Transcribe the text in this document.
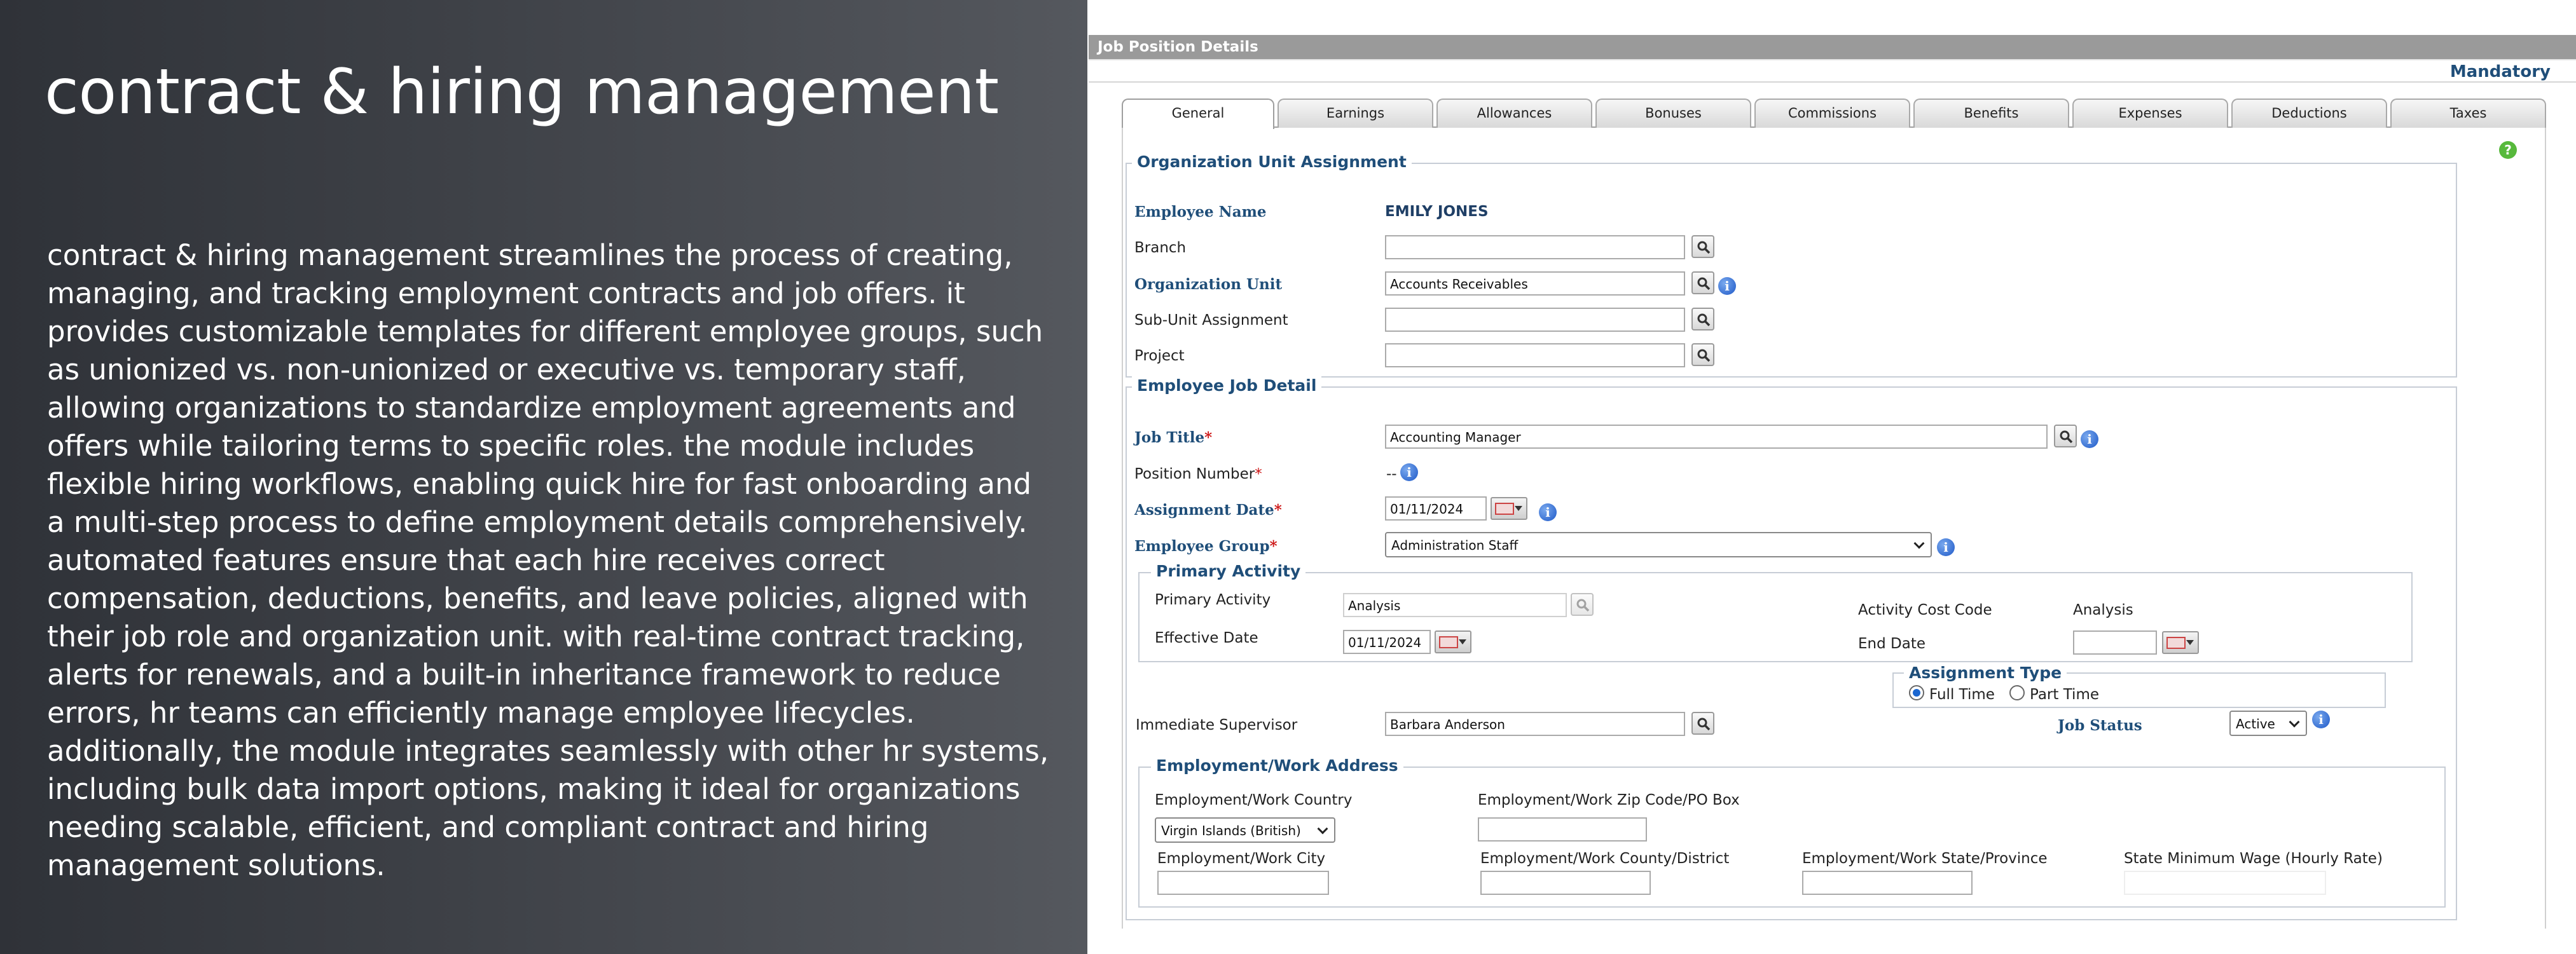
contract & hiring management
contract & hiring management streamlines the process of creating,
managing, and tracking employment contracts and job offers. it
provides customizable templates for different employee groups, such
as unionized vs. non-unionized or executive vs. temporary staff,
allowing organizations to standardize employment agreements and
offers while tailoring terms to specific roles. the module includes
flexible hiring workflows, enabling quick hire for fast onboarding and
a multi-step process to define employment details comprehensively.
automated features ensure that each hire receives correct
compensation, deductions, benefits, and leave policies, aligned with
their job role and organization unit. with real-time contract tracking,
alerts for renewals, and a built-in inheritance framework to reduce
errors, hr teams can efficiently manage employee lifecycles.
additionally, the module integrates seamlessly with other hr systems,
including bulk data import options, making it ideal for organizations
needing scalable, efficient, and compliant contract and hiring
management solutions.
Job Position Details
Mandatory
General	Earnings	Allowances	Bonuses	Commissions	Benefits	Expenses	Deductions	Taxes
?
Organization Unit Assignment
Employee Name	EMILY JONES
Branch
Organization Unit	Accounts Receivables	i
Sub-Unit Assignment
Project
Employee Job Detail
Job Title*	Accounting Manager	i
Position Number*	-- i
Assignment Date*	01/11/2024	i
Employee Group*	Administration Staff	i
Primary Activity
Primary Activity	Analysis	Activity Cost Code	Analysis
Effective Date	01/11/2024	End Date
Assignment Type
Full Time Part Time
Immediate Supervisor	Barbara Anderson	Job Status	Active	i
Employment/Work Address
Employment/Work Country
Virgin Islands (British)
Employment/Work Zip Code/PO Box
Employment/Work City	Employment/Work County/District	Employment/Work State/Province	State Minimum Wage (Hourly Rate)
